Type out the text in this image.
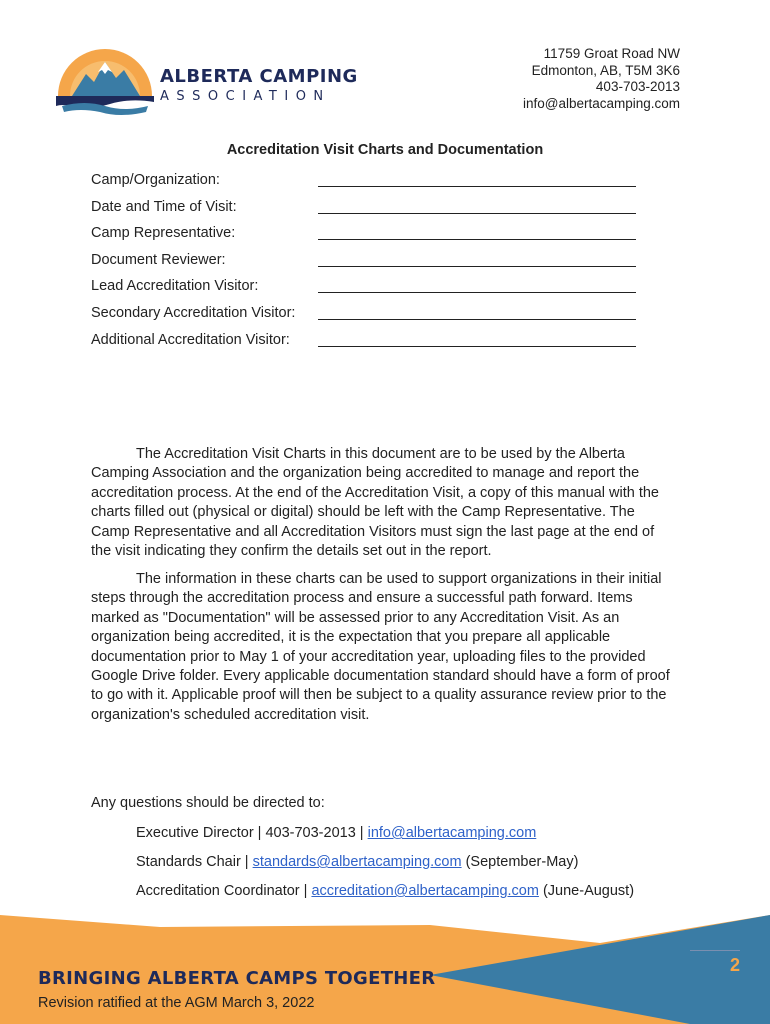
ALBERTA CAMPING
ASSOCIATION
11759 Groat Road NW
Edmonton, AB, T5M 3K6
403-703-2013
info@albertacamping.com
Accreditation Visit Charts and Documentation
Camp/Organization:
Date and Time of Visit:
Camp Representative:
Document Reviewer:
Lead Accreditation Visitor:
Secondary Accreditation Visitor:
Additional Accreditation Visitor:

The Accreditation Visit Charts in this document are to be used by the Alberta Camping Association and the organization being accredited to manage and report the accreditation process. At the end of the Accreditation Visit, a copy of this manual with the charts filled out (physical or digital) should be left with the Camp Representative. The Camp Representative and all Accreditation Visitors must sign the last page at the end of the visit indicating they confirm the details set out in the report.

The information in these charts can be used to support organizations in their initial steps through the accreditation process and ensure a successful path forward. Items marked as "Documentation" will be assessed prior to any Accreditation Visit. As an organization being accredited, it is the expectation that you prepare all applicable documentation prior to May 1 of your accreditation year, uploading files to the provided Google Drive folder. Every applicable documentation standard should have a form of proof to go with it. Applicable proof will then be subject to a quality assurance review prior to the organization's scheduled accreditation visit.

Any questions should be directed to:
Executive Director | 403-703-2013 | info@albertacamping.com
Standards Chair | standards@albertacamping.com (September-May)
Accreditation Coordinator | accreditation@albertacamping.com (June-August)
BRINGING ALBERTA CAMPS TOGETHER
Revision ratified at the AGM March 3, 2022
2
